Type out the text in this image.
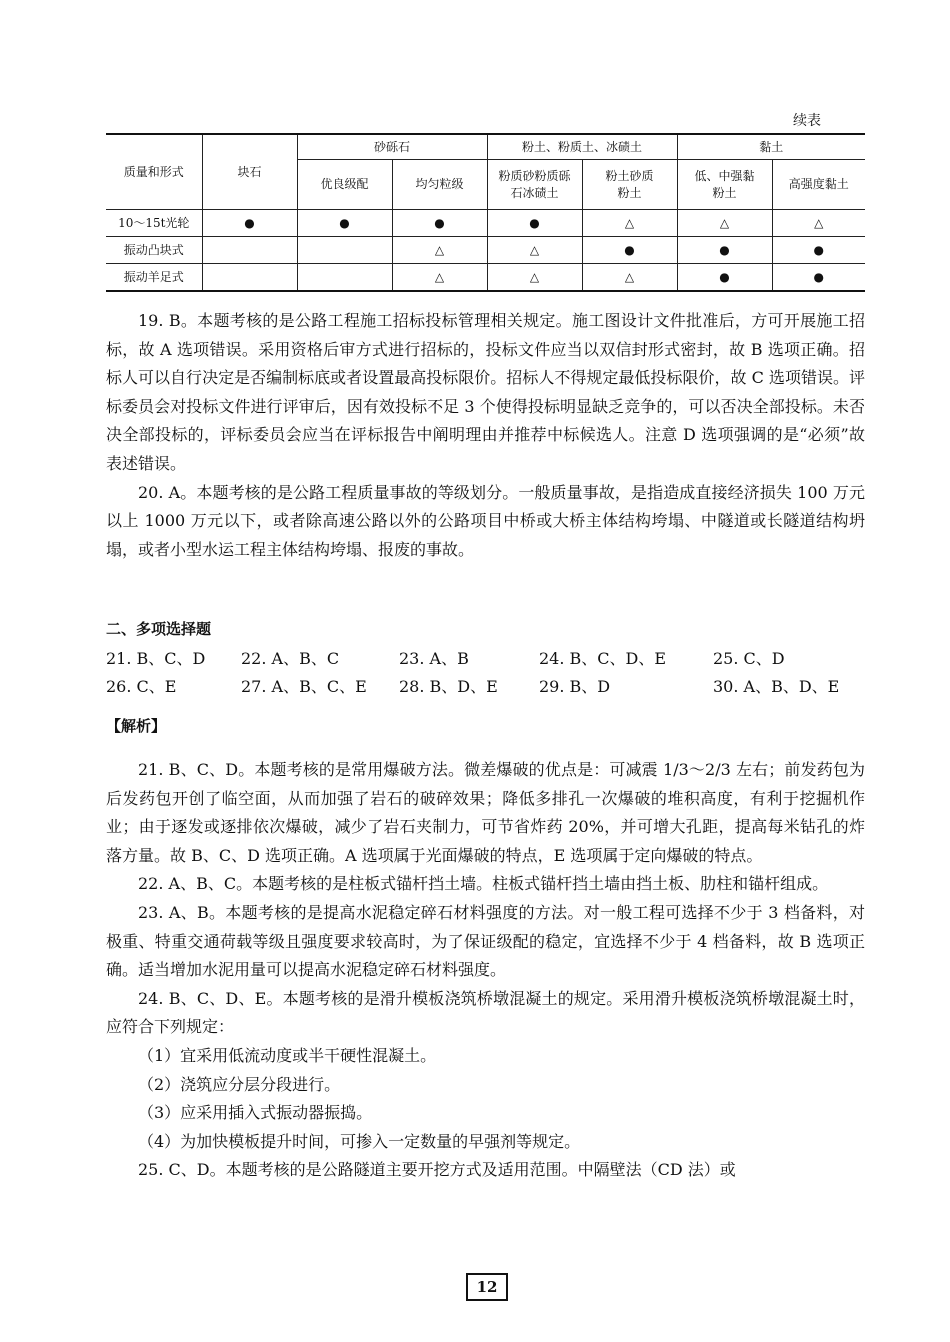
续表
质量和形式	块石	砂砾石		粉土、粉质土、冰碛土		黏土	
		优良级配	均匀粒级	粉质砂粉质砾石冰碛土	粉土砂质粉土	低、中强黏粉土	高强度黏土
10～15t光轮	●	●	●	●	△	△	△
振动凸块式			△	△	●	●	●
振动羊足式			△	△	△	●	●

19. B。本题考核的是公路工程施工招标投标管理相关规定。施工图设计文件批准后，方可开展施工招标，故 A 选项错误。采用资格后审方式进行招标的，投标文件应当以双信封形式密封，故 B 选项正确。招标人可以自行决定是否编制标底或者设置最高投标限价。招标人不得规定最低投标限价，故 C 选项错误。评标委员会对投标文件进行评审后，因有效投标不足 3 个使得投标明显缺乏竞争的，可以否决全部投标。未否决全部投标的，评标委员会应当在评标报告中阐明理由并推荐中标候选人。注意 D 选项强调的是“必须”故表述错误。

20. A。本题考核的是公路工程质量事故的等级划分。一般质量事故，是指造成直接经济损失 100 万元以上 1000 万元以下，或者除高速公路以外的公路项目中桥或大桥主体结构垮塌、中隧道或长隧道结构坍塌，或者小型水运工程主体结构垮塌、报废的事故。

二、多项选择题
21. B、C、D 22. A、B、C	23. A、B	24. B、C、D、E	25. C、D
26. C、E	27. A、B、C、E 28. B、D、E	29. B、D	30. A、B、D、E
【解析】

21. B、C、D。本题考核的是常用爆破方法。微差爆破的优点是：可减震 1/3～2/3 左右；前发药包为后发药包开创了临空面，从而加强了岩石的破碎效果；降低多排孔一次爆破的堆积高度，有利于挖掘机作业；由于逐发或逐排依次爆破，减少了岩石夹制力，可节省炸药 20%，并可增大孔距，提高每米钻孔的炸落方量。故 B、C、D 选项正确。A 选项属于光面爆破的特点，E 选项属于定向爆破的特点。

22. A、B、C。本题考核的是柱板式锚杆挡土墙。柱板式锚杆挡土墙由挡土板、肋柱和锚杆组成。

23. A、B。本题考核的是提高水泥稳定碎石材料强度的方法。对一般工程可选择不少于 3 档备料，对极重、特重交通荷载等级且强度要求较高时，为了保证级配的稳定，宜选择不少于 4 档备料，故 B 选项正确。适当增加水泥用量可以提高水泥稳定碎石材料强度。

24. B、C、D、E。本题考核的是滑升模板浇筑桥墩混凝土的规定。采用滑升模板浇筑桥墩混凝土时，应符合下列规定：

（1）宜采用低流动度或半干硬性混凝土。

（2）浇筑应分层分段进行。

（3）应采用插入式振动器振捣。

（4）为加快模板提升时间，可掺入一定数量的早强剂等规定。

25. C、D。本题考核的是公路隧道主要开挖方式及适用范围。中隔壁法（CD 法）或

12
